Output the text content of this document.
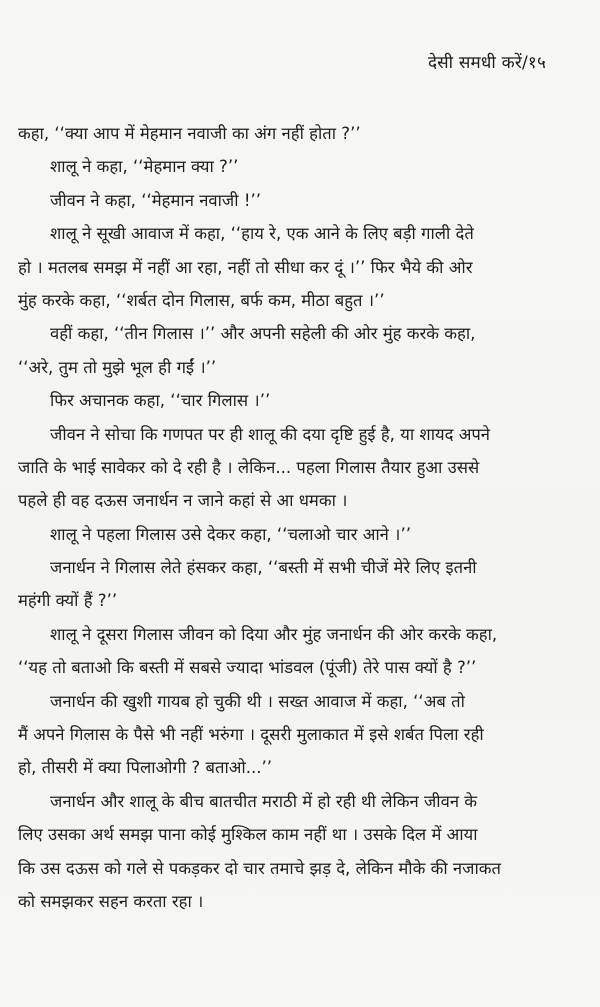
देसी समधी करें/१५
कहा, ‘‘क्या आप में मेहमान नवाजी का अंग नहीं होता ?’’
शालू ने कहा, ‘‘मेहमान क्या ?’’
जीवन ने कहा, ‘‘मेहमान नवाजी !’’
शालू ने सूखी आवाज में कहा, ‘‘हाय रे, एक आने के लिए बड़ी गाली देते
हो । मतलब समझ में नहीं आ रहा, नहीं तो सीधा कर दूं ।’’ फिर भैये की ओर
मुंह करके कहा, ‘‘शर्बत दोन गिलास, बर्फ कम, मीठा बहुत ।’’
वहीं कहा, ‘‘तीन गिलास ।’’ और अपनी सहेली की ओर मुंह करके कहा,
‘‘अरे, तुम तो मुझे भूल ही गईं ।’’
फिर अचानक कहा, ‘‘चार गिलास ।’’
जीवन ने सोचा कि गणपत पर ही शालू की दया दृष्टि हुई है, या शायद अपने
जाति के भाई सावेकर को दे रही है । लेकिन... पहला गिलास तैयार हुआ उससे
पहले ही वह दऊस जनार्धन न जाने कहां से आ धमका ।
शालू ने पहला गिलास उसे देकर कहा, ‘‘चलाओ चार आने ।’’
जनार्धन ने गिलास लेते हंसकर कहा, ‘‘बस्ती में सभी चीजें मेरे लिए इतनी
महंगी क्यों हैं ?’’
शालू ने दूसरा गिलास जीवन को दिया और मुंह जनार्धन की ओर करके कहा,
‘‘यह तो बताओ कि बस्ती में सबसे ज्यादा भांडवल (पूंजी) तेरे पास क्यों है ?’’
जनार्धन की खुशी गायब हो चुकी थी । सख्त आवाज में कहा, ‘‘अब तो
मैं अपने गिलास के पैसे भी नहीं भरुंगा । दूसरी मुलाकात में इसे शर्बत पिला रही
हो, तीसरी में क्या पिलाओगी ? बताओ...’’
जनार्धन और शालू के बीच बातचीत मराठी में हो रही थी लेकिन जीवन के
लिए उसका अर्थ समझ पाना कोई मुश्किल काम नहीं था । उसके दिल में आया
कि उस दऊस को गले से पकड़कर दो चार तमाचे झड़ दे, लेकिन मौके की नजाकत
को समझकर सहन करता रहा ।
